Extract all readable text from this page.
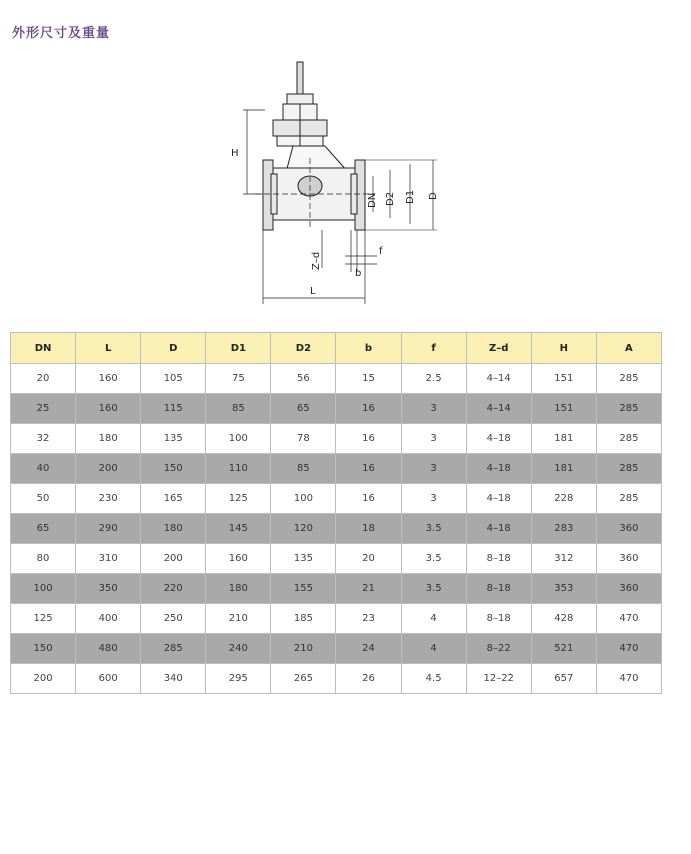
外形尺寸及重量
H
DN D2 D1 D
f
b
Z–d
L
DN	L	D	D1	D2	b	f	Z–d	H	A
20	160	105	75	56	15	2.5	4–14	151	285
25	160	115	85	65	16	3	4–14	151	285
32	180	135	100	78	16	3	4–18	181	285
40	200	150	110	85	16	3	4–18	181	285
50	230	165	125	100	16	3	4–18	228	285
65	290	180	145	120	18	3.5	4–18	283	360
80	310	200	160	135	20	3.5	8–18	312	360
100	350	220	180	155	21	3.5	8–18	353	360
125	400	250	210	185	23	4	8–18	428	470
150	480	285	240	210	24	4	8–22	521	470
200	600	340	295	265	26	4.5	12–22	657	470
